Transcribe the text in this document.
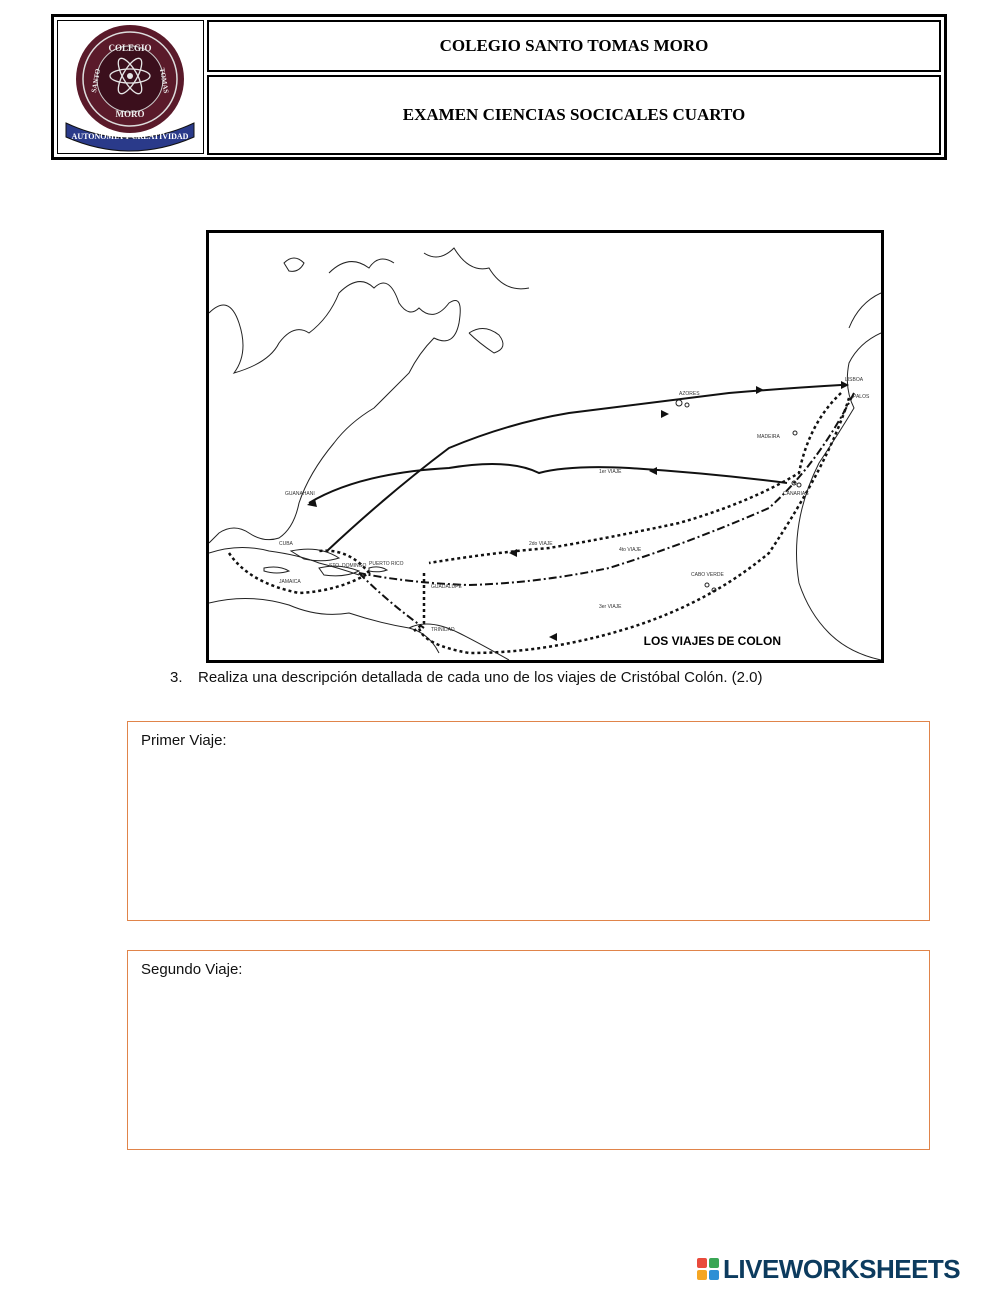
COLEGIO
MORO
SANTO	TOMAS
AUTONOMIA Y CREATIVIDAD
COLEGIO SANTO TOMAS MORO
EXAMEN CIENCIAS SOCICALES CUARTO
LISBOA
PALOS
AZORES
MADEIRA
CANARIAS
CABO VERDE
CUBA
JAMAICA
STO. DOMINGO PUERTO RICO
GUADALUPE
TRINIDAD
GUANAHANI
1er VIAJE
2do VIAJE
3er VIAJE
4to VIAJE
LOS VIAJES DE COLON
3. Realiza una descripción detallada de cada uno de los viajes de Cristóbal Colón. (2.0)
Primer Viaje:
Segundo Viaje:
LIVEWORKSHEETS
